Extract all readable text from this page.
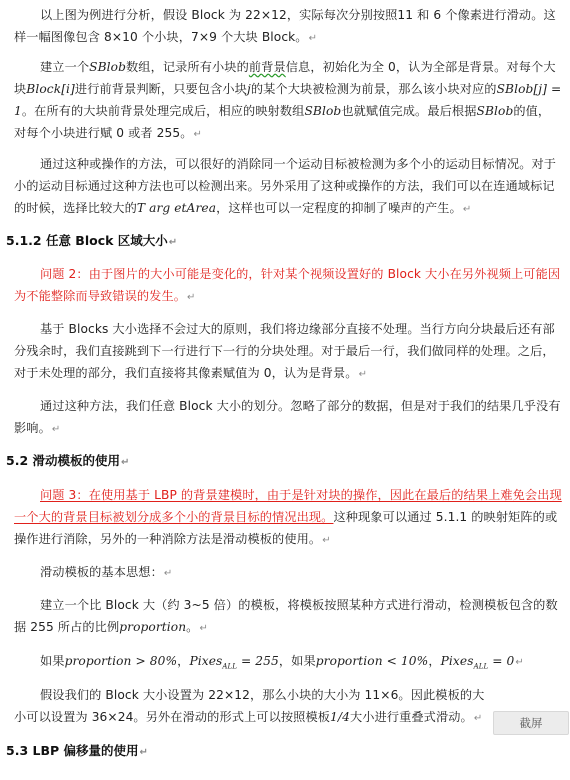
以上图为例进行分析，假设 Block 为 22×12，实际每次分别按照11 和 6 个像素进行滑动。这样一幅图像包含 8×10 个小块，7×9 个大块 Block。↵

建立一个SBlob数组，记录所有小块的前背景信息，初始化为全 0，认为全部是背景。对每个大块Block[i]进行前背景判断，只要包含小块j的某个大块被检测为前景，那么该小块对应的SBlob[j] = 1。在所有的大块前背景处理完成后，相应的映射数组SBlob也就赋值完成。最后根据SBlob的值，对每个小块进行赋 0 或者 255。↵

通过这种或操作的方法，可以很好的消除同一个运动目标被检测为多个小的运动目标情况。对于小的运动目标通过这种方法也可以检测出来。另外采用了这种或操作的方法，我们可以在连通域标记的时候，选择比较大的T arg etArea，这样也可以一定程度的抑制了噪声的产生。↵

5.1.2 任意 Block 区域大小↵

问题 2：由于图片的大小可能是变化的，针对某个视频设置好的 Block 大小在另外视频上可能因为不能整除而导致错误的发生。↵

基于 Blocks 大小选择不会过大的原则，我们将边缘部分直接不处理。当行方向分块最后还有部分残余时，我们直接跳到下一行进行下一行的分块处理。对于最后一行，我们做同样的处理。之后，对于未处理的部分，我们直接将其像素赋值为 0，认为是背景。↵

通过这种方法，我们任意 Block 大小的划分。忽略了部分的数据，但是对于我们的结果几乎没有影响。↵

5.2 滑动模板的使用↵

问题 3：在使用基于 LBP 的背景建模时，由于是针对块的操作，因此在最后的结果上难免会出现一个大的背景目标被划分成多个小的背景目标的情况出现。这种现象可以通过 5.1.1 的映射矩阵的或操作进行消除，另外的一种消除方法是滑动模板的使用。↵

滑动模板的基本思想：↵

建立一个比 Block 大（约 3~5 倍）的模板，将模板按照某种方式进行滑动，检测模板包含的数据 255 所占的比例proportion。↵

如果proportion > 80%，Pixes$_{ALL}$ = 255，如果proportion < 10%，Pixes$_{ALL}$ = 0↵

假设我们的 Block 大小设置为 22×12，那么小块的大小为 11×6。因此模板的大小可以设置为 36×24。另外在滑动的形式上可以按照模板1/4大小进行重叠式滑动。↵

5.3 LBP 偏移量的使用↵

截屏
